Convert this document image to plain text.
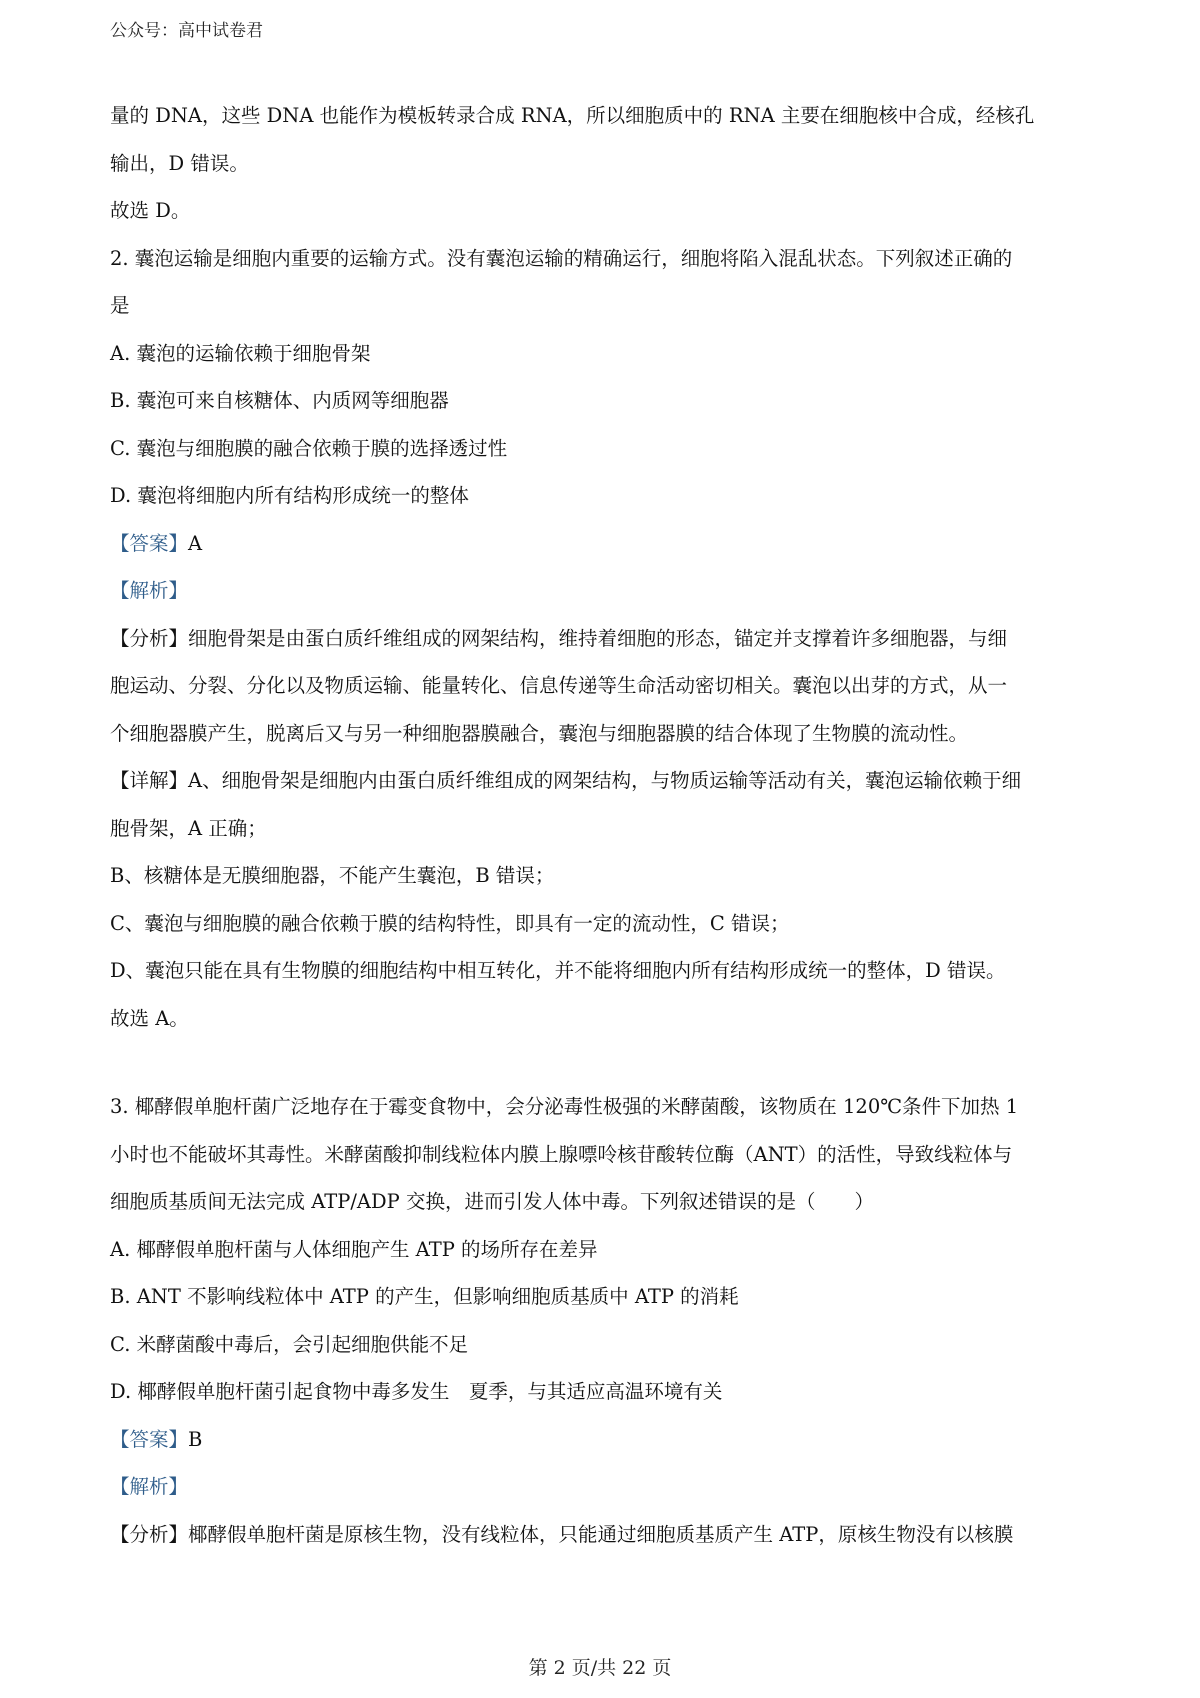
公众号：高中试卷君
量的 DNA，这些 DNA 也能作为模板转录合成 RNA，所以细胞质中的 RNA 主要在细胞核中合成，经核孔
输出，D 错误。
故选 D。
2. 囊泡运输是细胞内重要的运输方式。没有囊泡运输的精确运行，细胞将陷入混乱状态。下列叙述正确的
是
A. 囊泡的运输依赖于细胞骨架
B. 囊泡可来自核糖体、内质网等细胞器
C. 囊泡与细胞膜的融合依赖于膜的选择透过性
D. 囊泡将细胞内所有结构形成统一的整体
【答案】A
【解析】
【分析】细胞骨架是由蛋白质纤维组成的网架结构，维持着细胞的形态，锚定并支撑着许多细胞器，与细
胞运动、分裂、分化以及物质运输、能量转化、信息传递等生命活动密切相关。囊泡以出芽的方式，从一
个细胞器膜产生，脱离后又与另一种细胞器膜融合，囊泡与细胞器膜的结合体现了生物膜的流动性。
【详解】A、细胞骨架是细胞内由蛋白质纤维组成的网架结构，与物质运输等活动有关，囊泡运输依赖于细
胞骨架，A 正确；
B、核糖体是无膜细胞器，不能产生囊泡，B 错误；
C、囊泡与细胞膜的融合依赖于膜的结构特性，即具有一定的流动性，C 错误；
D、囊泡只能在具有生物膜的细胞结构中相互转化，并不能将细胞内所有结构形成统一的整体，D 错误。
故选 A。
3. 椰酵假单胞杆菌广泛地存在于霉变食物中，会分泌毒性极强的米酵菌酸，该物质在 120℃条件下加热 1
小时也不能破坏其毒性。米酵菌酸抑制线粒体内膜上腺嘌呤核苷酸转位酶（ANT）的活性，导致线粒体与
细胞质基质间无法完成 ATP/ADP 交换，进而引发人体中毒。下列叙述错误的是（　　）
A. 椰酵假单胞杆菌与人体细胞产生 ATP 的场所存在差异
B. ANT 不影响线粒体中 ATP 的产生，但影响细胞质基质中 ATP 的消耗
C. 米酵菌酸中毒后，会引起细胞供能不足
D. 椰酵假单胞杆菌引起食物中毒多发生　夏季，与其适应高温环境有关
【答案】B
【解析】
【分析】椰酵假单胞杆菌是原核生物，没有线粒体，只能通过细胞质基质产生 ATP，原核生物没有以核膜
第 2 页/共 22 页
